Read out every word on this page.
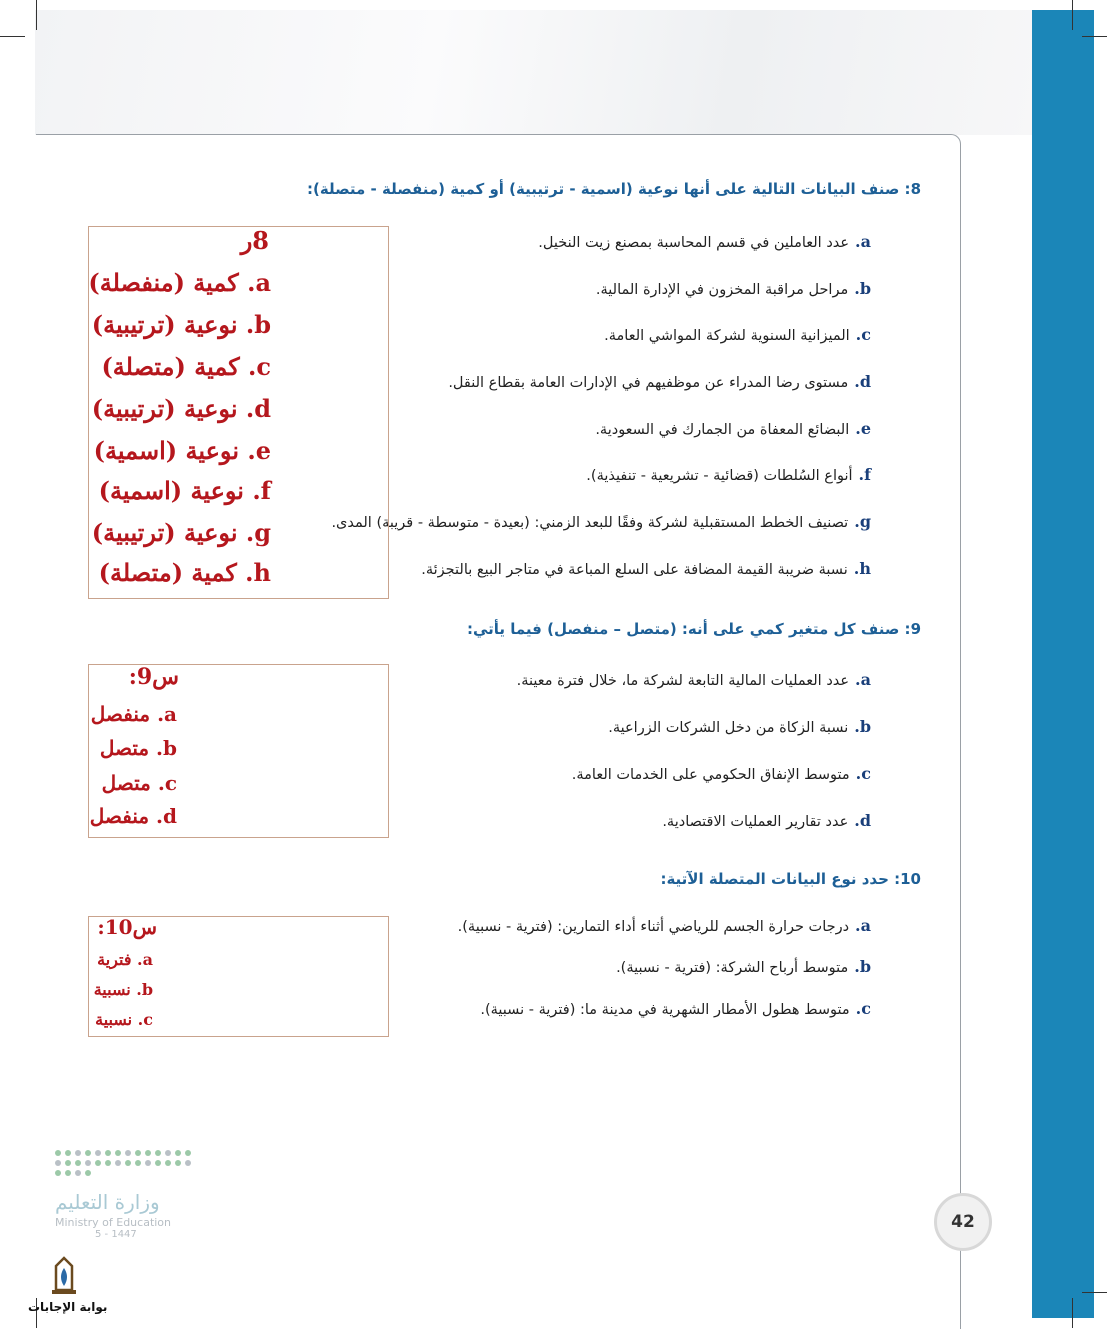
8: صنف البيانات التالية على أنها نوعية (اسمية - ترتيبية) أو كمية (منفصلة - متصلة):
a.عدد العاملين في قسم المحاسبة بمصنع زيت النخيل.
b.مراحل مراقبة المخزون في الإدارة المالية.
c.الميزانية السنوية لشركة المواشي العامة.
d.مستوى رضا المدراء عن موظفيهم في الإدارات العامة بقطاع النقل.
e.البضائع المعفاة من الجمارك في السعودية.
f.أنواع السُلطات (قضائية - تشريعية - تنفيذية).
g.تصنيف الخطط المستقبلية لشركة وفقًا للبعد الزمني: (بعيدة - متوسطة - قريبة) المدى.
h.نسبة ضريبة القيمة المضافة على السلع المباعة في متاجر البيع بالتجزئة.
8ر
a. كمية (منفصلة)
b. نوعية (ترتيبية)
c. كمية (متصلة)
d. نوعية (ترتيبية)
e. نوعية (اسمية)
f. نوعية (اسمية)
g. نوعية (ترتيبية)
h. كمية (متصلة)
9: صنف كل متغير كمي على أنه: (متصل – منفصل) فيما يأتي:
a.عدد العمليات المالية التابعة لشركة ما، خلال فترة معينة.
b.نسبة الزكاة من دخل الشركات الزراعية.
c.متوسط الإنفاق الحكومي على الخدمات العامة.
d.عدد تقارير العمليات الاقتصادية.
س9:
a. منفصل
b. متصل
c. متصل
d. منفصل
10: حدد نوع البيانات المتصلة الآتية:
a.درجات حرارة الجسم للرياضي أثناء أداء التمارين: (فترية - نسبية).
b.متوسط أرباح الشركة: (فترية - نسبية).
c.متوسط هطول الأمطار الشهرية في مدينة ما: (فترية - نسبية).
س10:
a. فترية
b. نسبية
c. نسبية
وزارة التعليم
Ministry of Education
5 - 1447
بوابة الإجابات
42
